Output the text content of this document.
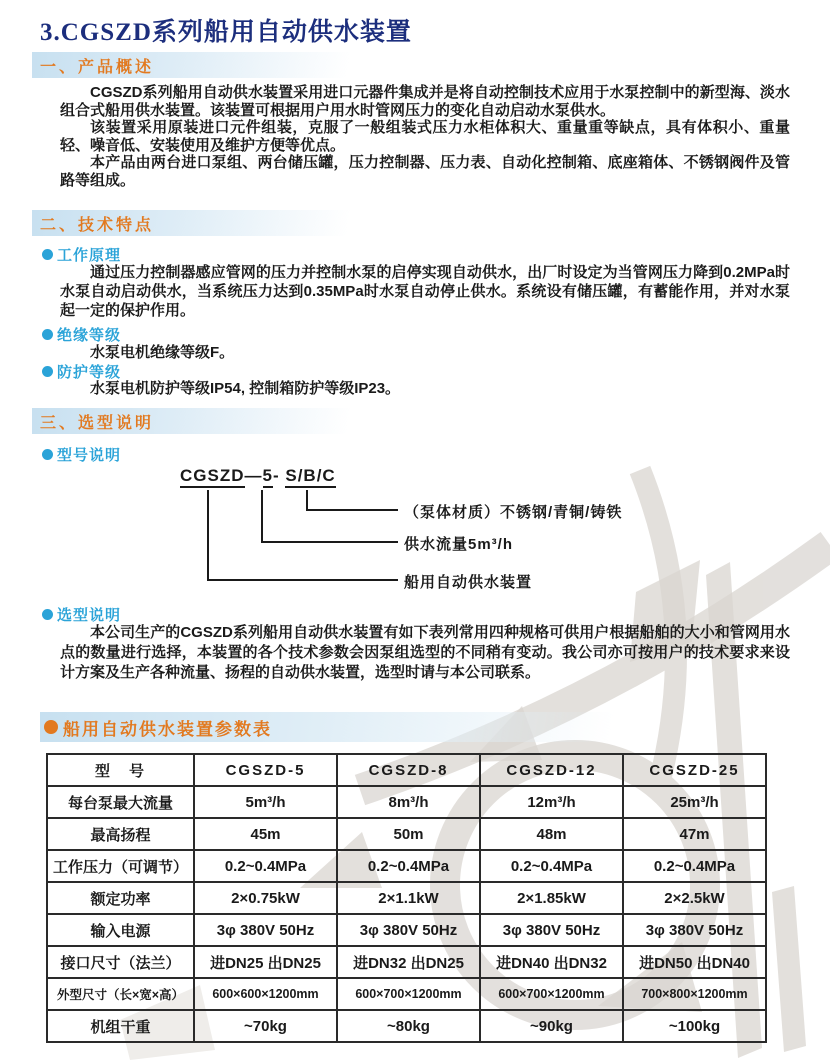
3.CGSZD系列船用自动供水装置
一、产品概述

CGSZD系列船用自动供水装置采用进口元器件集成并是将自动控制技术应用于水泵控制中的新型海、淡水组合式船用供水装置。该装置可根据用户用水时管网压力的变化自动启动水泵供水。

该装置采用原装进口元件组装，克服了一般组装式压力水柜体积大、重量重等缺点，具有体积小、重量轻、噪音低、安装使用及维护方便等优点。

本产品由两台进口泵组、两台储压罐，压力控制器、压力表、自动化控制箱、底座箱体、不锈钢阀件及管路等组成。

二、技术特点
工作原理
通过压力控制器感应管网的压力并控制水泵的启停实现自动供水，出厂时设定为当管网压力降到0.2MPa时水泵自动启动供水，当系统压力达到0.35MPa时水泵自动停止供水。系统设有储压罐，有蓄能作用，并对水泵起一定的保护作用。
绝缘等级
水泵电机绝缘等级F。
防护等级
水泵电机防护等级IP54, 控制箱防护等级IP23。
三、选型说明
型号说明
CGSZD—5- S/B/C
（泵体材质）不锈钢/青铜/铸铁
供水流量5m³/h
船用自动供水装置
选型说明
本公司生产的CGSZD系列船用自动供水装置有如下表列常用四种规格可供用户根据船舶的大小和管网用水点的数量进行选择，本装置的各个技术参数会因泵组选型的不同稍有变动。我公司亦可按用户的技术要求来设计方案及生产各种流量、扬程的自动供水装置，选型时请与本公司联系。
船用自动供水装置参数表
型　号	CGSZD-5	CGSZD-8	CGSZD-12	CGSZD-25
每台泵最大流量	5m³/h	8m³/h	12m³/h	25m³/h
最高扬程	45m	50m	48m	47m
工作压力（可调节）	0.2~0.4MPa	0.2~0.4MPa	0.2~0.4MPa	0.2~0.4MPa
额定功率	2×0.75kW	2×1.1kW	2×1.85kW	2×2.5kW
输入电源	3φ 380V 50Hz	3φ 380V 50Hz	3φ 380V 50Hz	3φ 380V 50Hz
接口尺寸（法兰）	进DN25 出DN25	进DN32 出DN25	进DN40 出DN32	进DN50 出DN40
外型尺寸（长×宽×高）	600×600×1200mm	600×700×1200mm	600×700×1200mm	700×800×1200mm
机组干重	~70kg	~80kg	~90kg	~100kg
